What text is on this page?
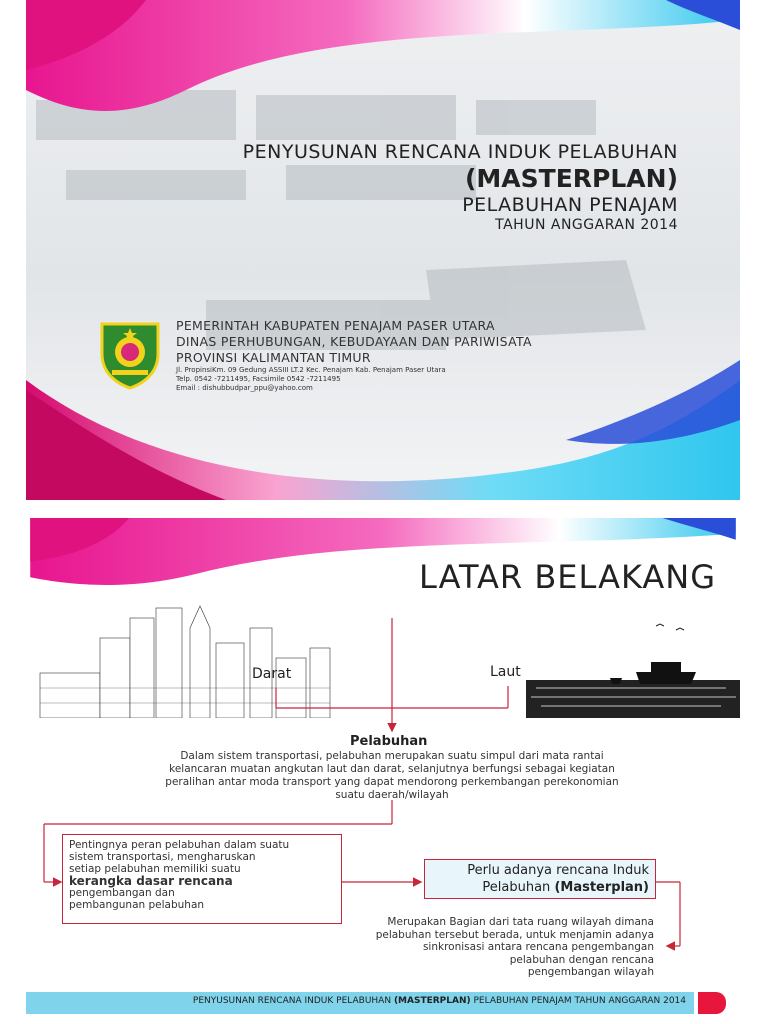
PENYUSUNAN RENCANA INDUK PELABUHAN
(MASTERPLAN)
PELABUHAN PENAJAM
TAHUN ANGGARAN 2014
PEMERINTAH KABUPATEN PENAJAM PASER UTARA
DINAS PERHUBUNGAN, KEBUDAYAAN DAN PARIWISATA
PROVINSI KALIMANTAN TIMUR
Jl. PropinsiKm. 09 Gedung ASSIII LT.2 Kec. Penajam Kab. Penajam Paser Utara
Telp. 0542 -7211495, Facsimile 0542 -7211495
Email : dishubbudpar_ppu@yahoo.com
LATAR BELAKANG
Darat	Laut
Pelabuhan
Dalam sistem transportasi, pelabuhan merupakan suatu simpul dari mata rantai
kelancaran muatan angkutan laut dan darat, selanjutnya berfungsi sebagai kegiatan
peralihan antar moda transport yang dapat mendorong perkembangan perekonomian
suatu daerah/wilayah
Pentingnya peran pelabuhan dalam suatu
sistem transportasi, mengharuskan
setiap pelabuhan memiliki suatu
kerangka dasar rencana
pengembangan dan
pembangunan pelabuhan
Perlu adanya rencana Induk
Pelabuhan (Masterplan)
Merupakan Bagian dari tata ruang wilayah dimana
pelabuhan tersebut berada, untuk menjamin adanya
sinkronisasi antara rencana pengembangan
pelabuhan dengan rencana
pengembangan wilayah
PENYUSUNAN RENCANA INDUK PELABUHAN (MASTERPLAN) PELABUHAN PENAJAM TAHUN ANGGARAN 2014
